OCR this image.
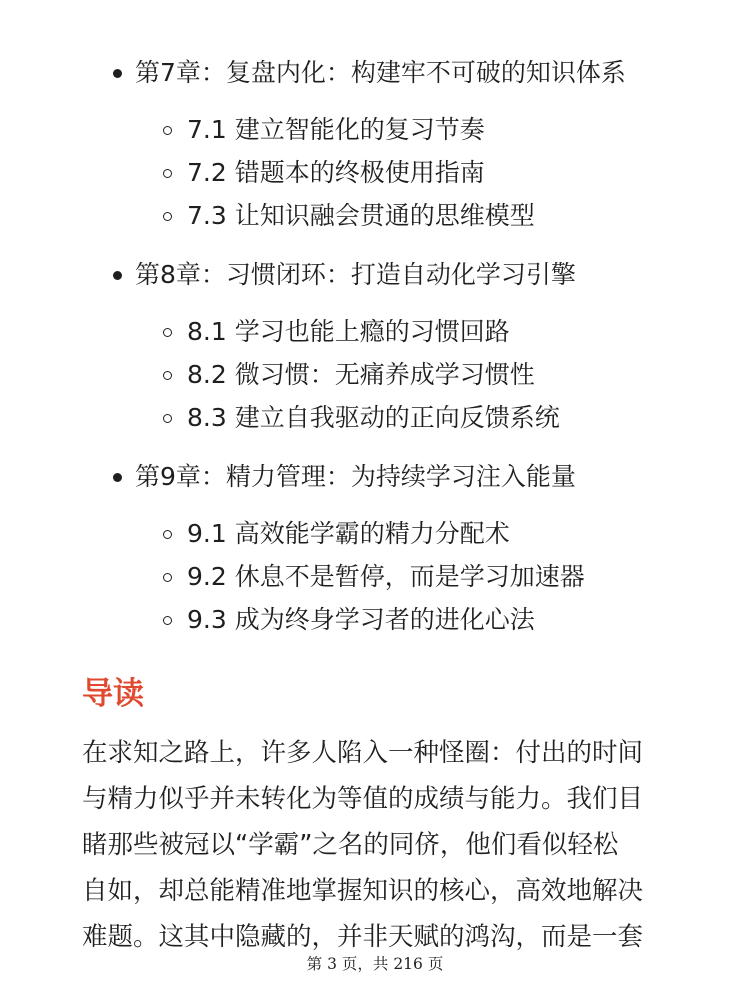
第7章：复盘内化：构建牢不可破的知识体系
7.1 建立智能化的复习节奏
7.2 错题本的终极使用指南
7.3 让知识融会贯通的思维模型
第8章：习惯闭环：打造自动化学习引擎
8.1 学习也能上瘾的习惯回路
8.2 微习惯：无痛养成学习惯性
8.3 建立自我驱动的正向反馈系统
第9章：精力管理：为持续学习注入能量
9.1 高效能学霸的精力分配术
9.2 休息不是暂停，而是学习加速器
9.3 成为终身学习者的进化心法
导读
在求知之路上，许多人陷入一种怪圈：付出的时间
与精力似乎并未转化为等值的成绩与能力。我们目
睹那些被冠以“学霸”之名的同侪，他们看似轻松
自如，却总能精准地掌握知识的核心，高效地解决
难题。这其中隐藏的，并非天赋的鸿沟，而是一套
第 3 页，共 216 页
